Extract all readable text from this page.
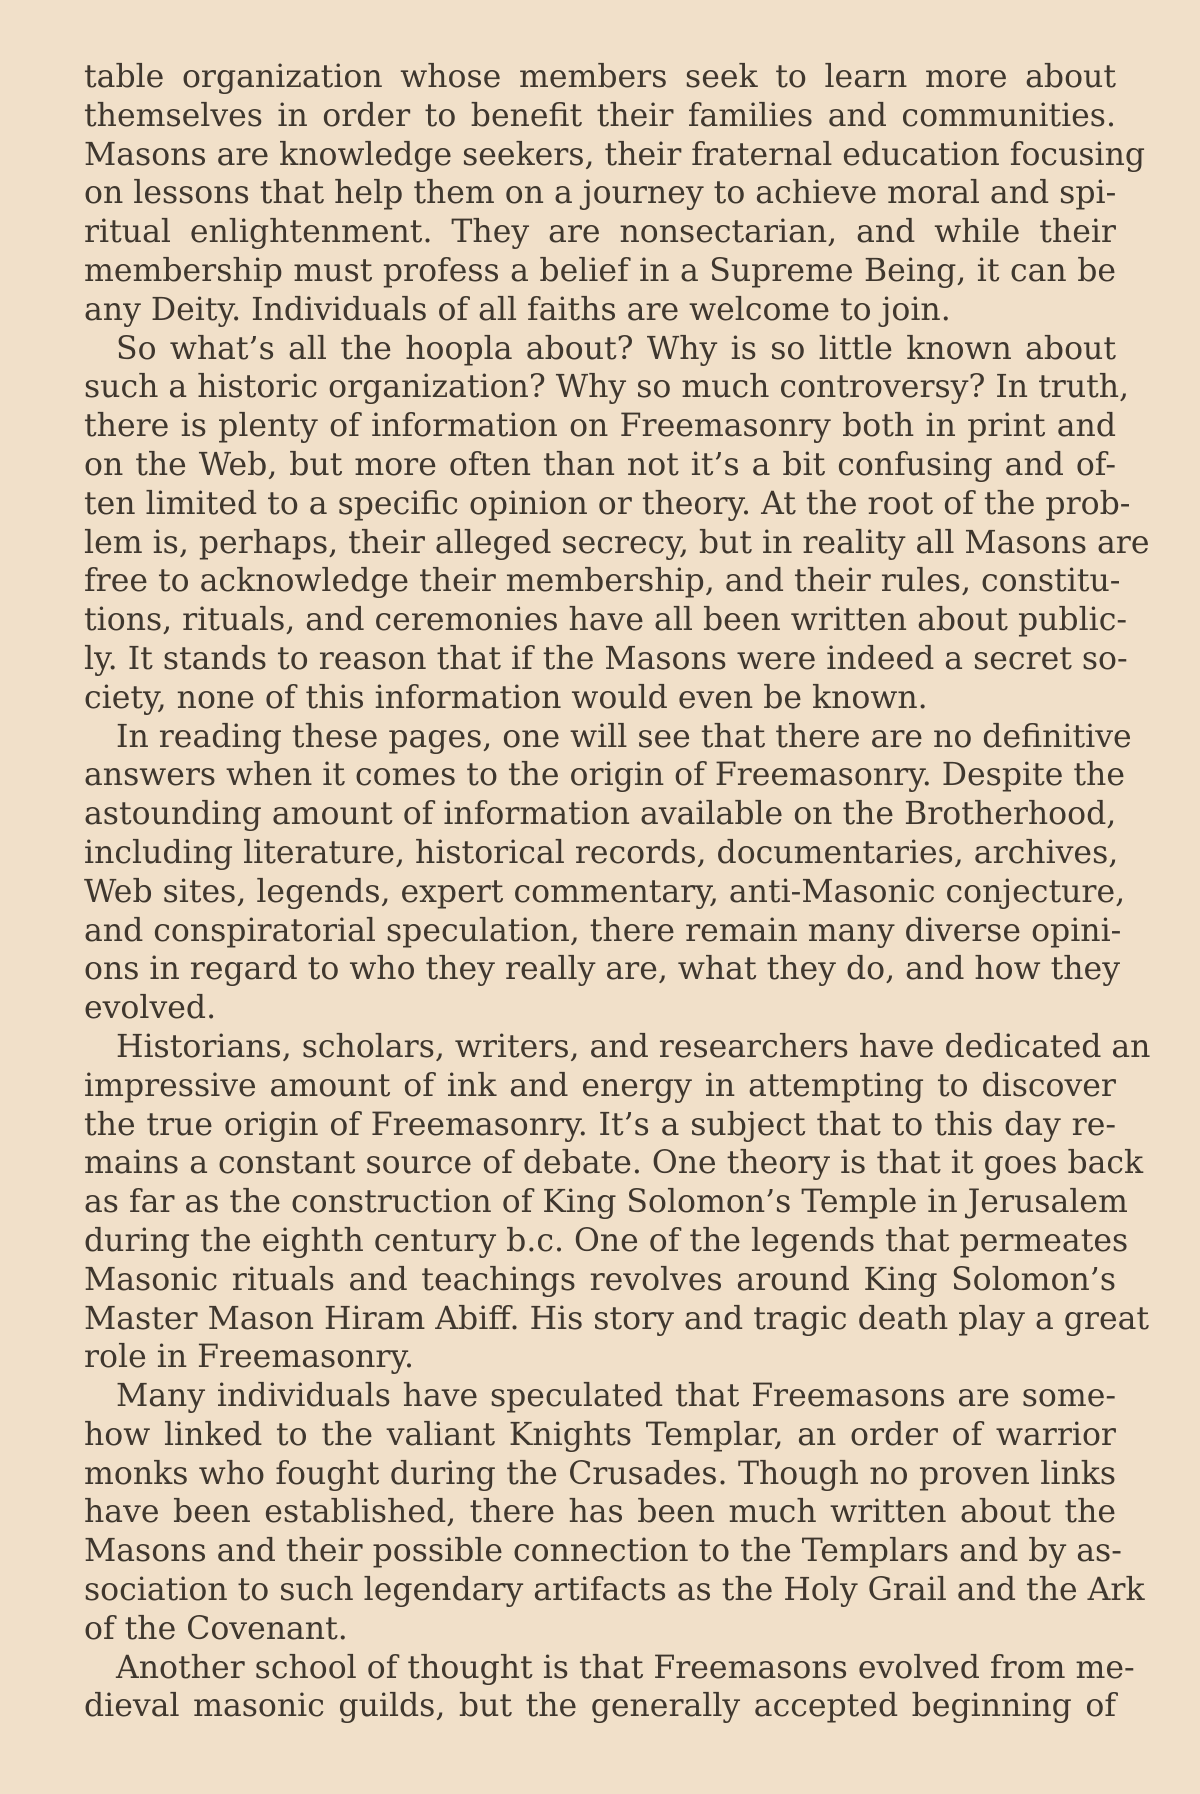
table organization whose members seek to learn more about
themselves in order to benefit their families and communities.
Masons are knowledge seekers, their fraternal education focusing
on lessons that help them on a journey to achieve moral and spi-
ritual enlightenment. They are nonsectarian, and while their
membership must profess a belief in a Supreme Being, it can be
any Deity. Individuals of all faiths are welcome to join.

So what’s all the hoopla about? Why is so little known about
such a historic organization? Why so much controversy? In truth,
there is plenty of information on Freemasonry both in print and
on the Web, but more often than not it’s a bit confusing and of-
ten limited to a specific opinion or theory. At the root of the prob-
lem is, perhaps, their alleged secrecy, but in reality all Masons are
free to acknowledge their membership, and their rules, constitu-
tions, rituals, and ceremonies have all been written about public-
ly. It stands to reason that if the Masons were indeed a secret so-
ciety, none of this information would even be known.

In reading these pages, one will see that there are no definitive
answers when it comes to the origin of Freemasonry. Despite the
astounding amount of information available on the Brotherhood,
including literature, historical records, documentaries, archives,
Web sites, legends, expert commentary, anti-Masonic conjecture,
and conspiratorial speculation, there remain many diverse opini-
ons in regard to who they really are, what they do, and how they
evolved.

Historians, scholars, writers, and researchers have dedicated an
impressive amount of ink and energy in attempting to discover
the true origin of Freemasonry. It’s a subject that to this day re-
mains a constant source of debate. One theory is that it goes back
as far as the construction of King Solomon’s Temple in Jerusalem
during the eighth century b.c. One of the legends that permeates
Masonic rituals and teachings revolves around King Solomon’s
Master Mason Hiram Abiff. His story and tragic death play a great
role in Freemasonry.

Many individuals have speculated that Freemasons are some-
how linked to the valiant Knights Templar, an order of warrior
monks who fought during the Crusades. Though no proven links
have been established, there has been much written about the
Masons and their possible connection to the Templars and by as-
sociation to such legendary artifacts as the Holy Grail and the Ark
of the Covenant.

Another school of thought is that Freemasons evolved from me-
dieval masonic guilds, but the generally accepted beginning of
